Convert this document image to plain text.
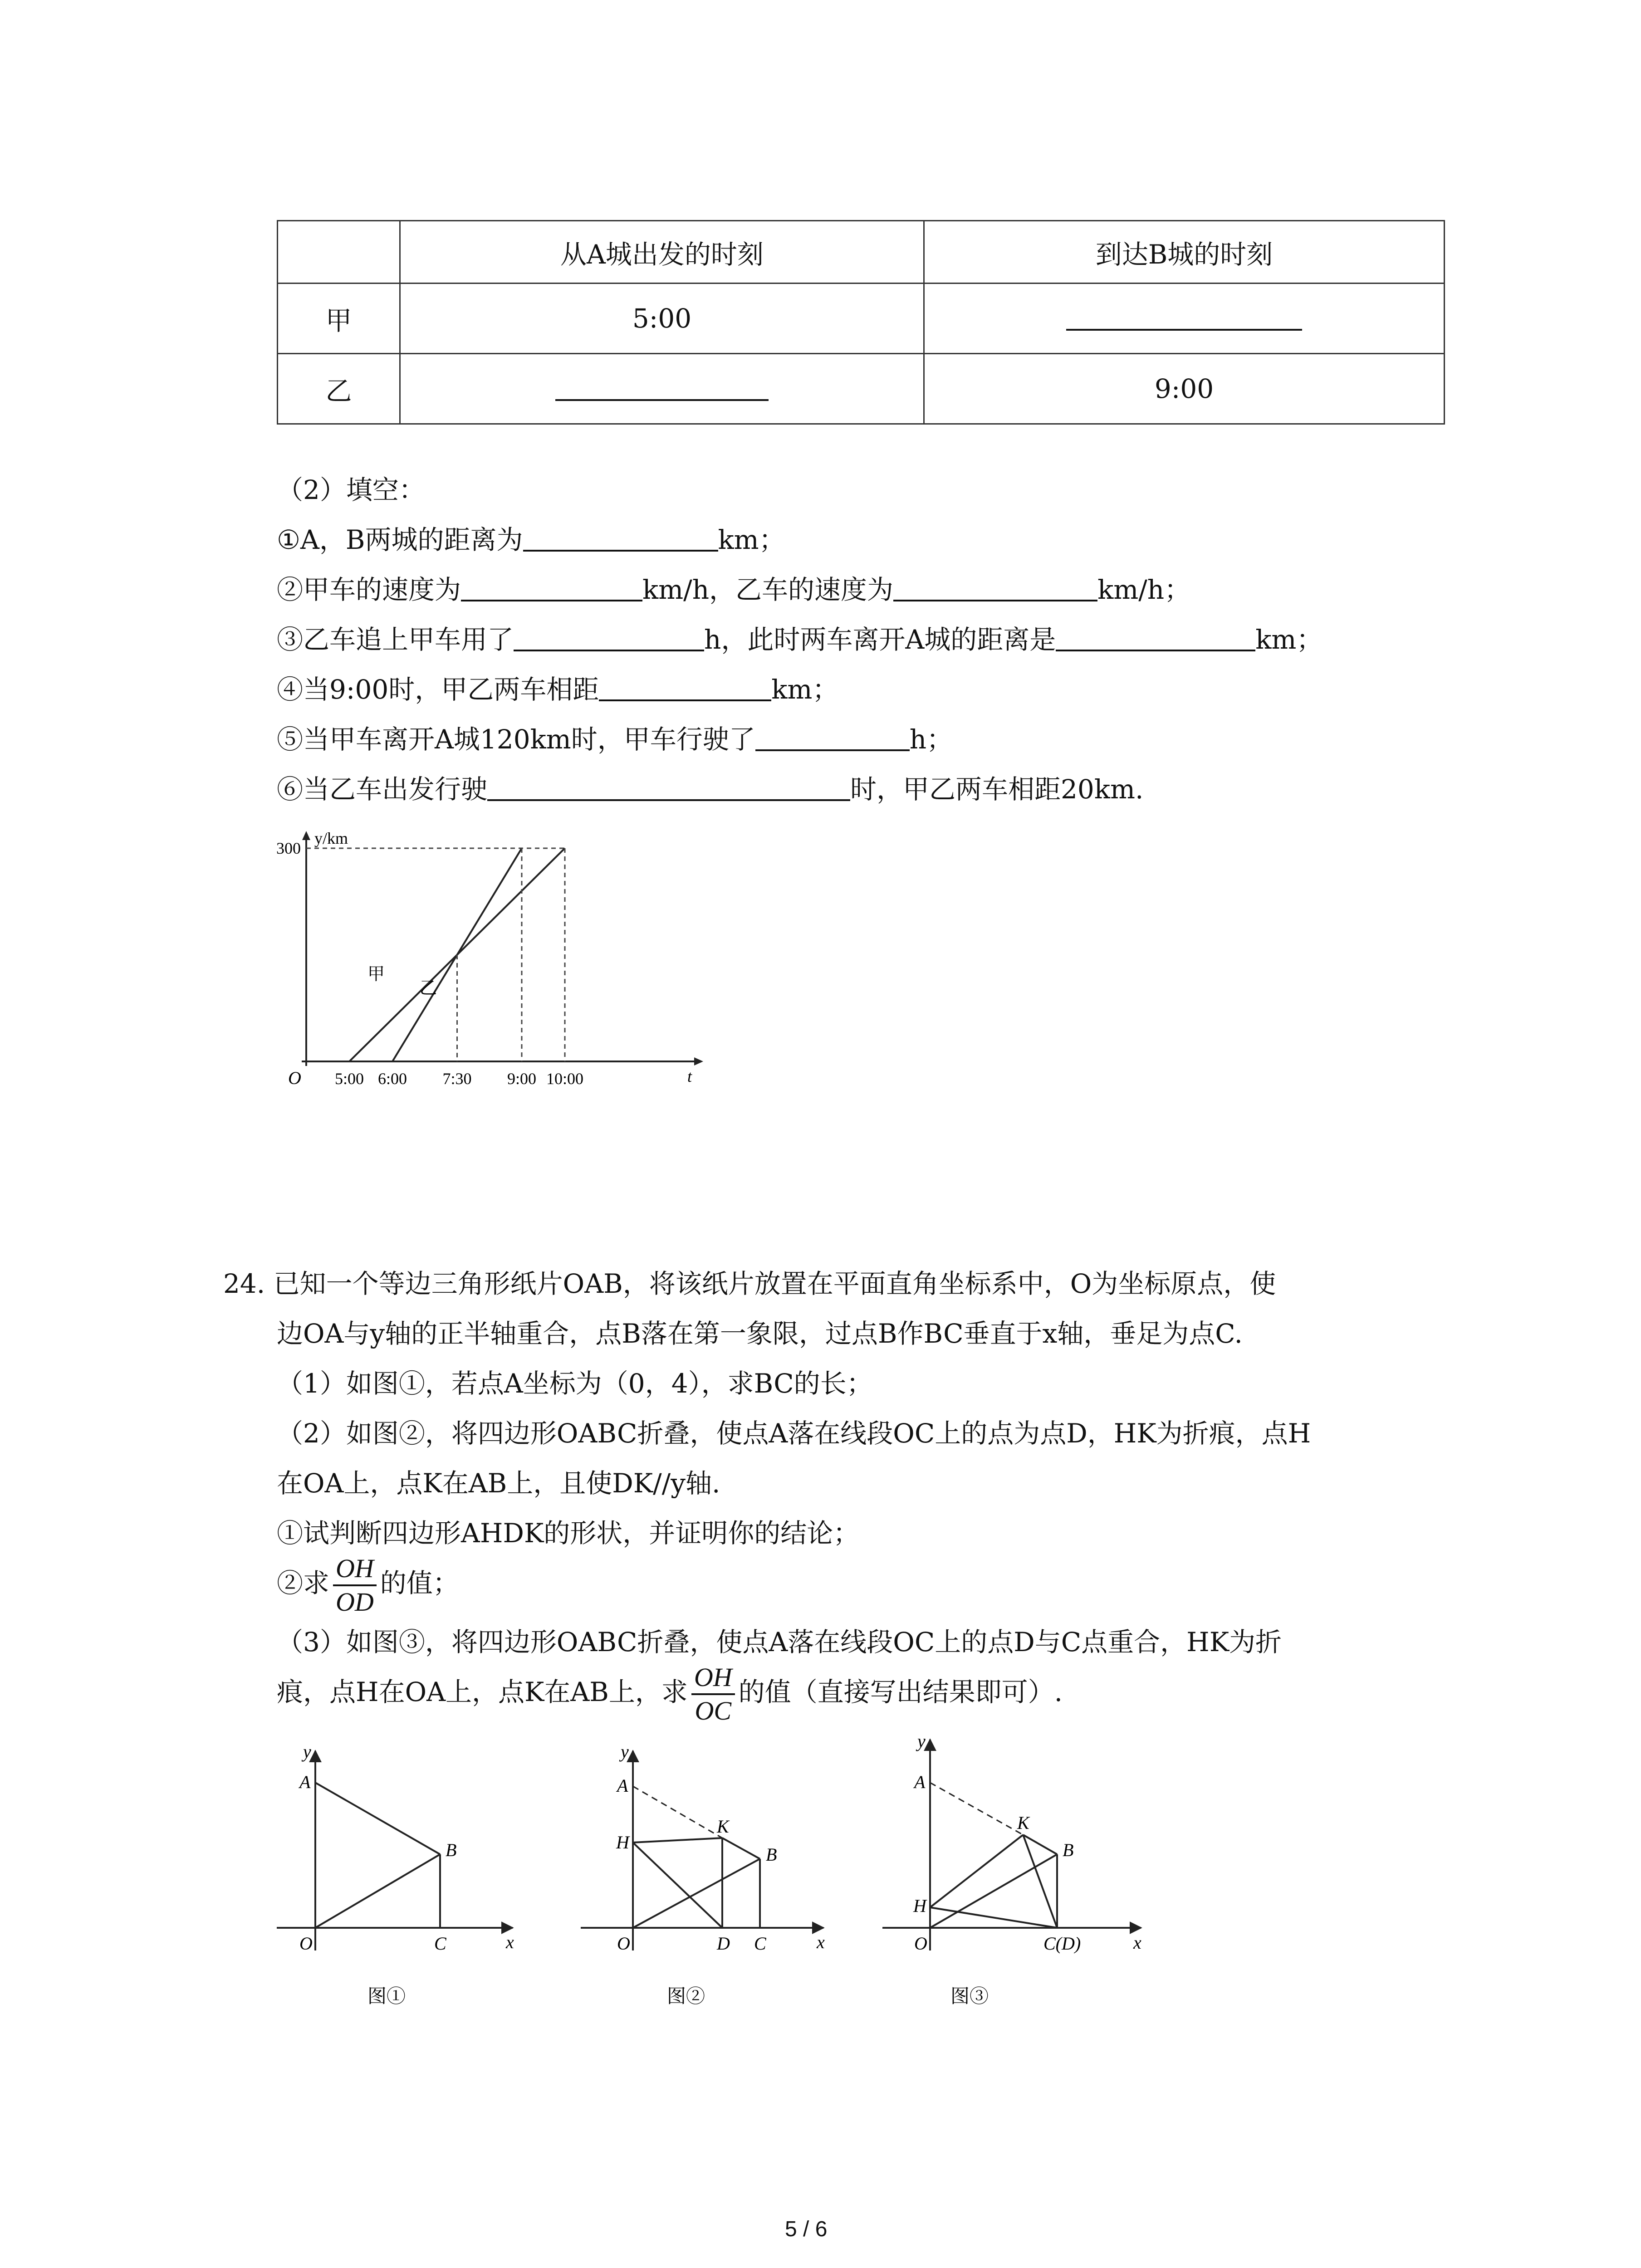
	从A城出发的时刻	到达B城的时刻
甲	5:00	
乙		9:00
（2）填空：
①A，B两城的距离为	km；
②甲车的速度为	km/h，乙车的速度为	km/h；
③乙车追上甲车用了	h，此时两车离开A城的距离是	km；
④当9:00时，甲乙两车相距	km；
⑤当甲车离开A城120km时，甲车行驶了	h；
⑥当乙车出发行驶	时，甲乙两车相距20km.
5:00 6:00 7:30 9:00 10:00
300
y/km
t
O
甲
乙
24. 已知一个等边三角形纸片OAB，将该纸片放置在平面直角坐标系中，O为坐标原点，使
边OA与y轴的正半轴重合，点B落在第一象限，过点B作BC垂直于x轴，垂足为点C.
（1）如图①，若点A坐标为（0，4），求BC的长；
（2）如图②，将四边形OABC折叠，使点A落在线段OC上的点为点D，HK为折痕，点H
在OA上，点K在AB上，且使DK//y轴.
①试判断四边形AHDK的形状，并证明你的结论；
②求 $\frac{OH}{OD}$ 的值；
（3）如图③，将四边形OABC折叠，使点A落在线段OC上的点D与C点重合，HK为折
痕，点H在OA上，点K在AB上，求 $\frac{OH}{OC}$ 的值（直接写出结果即可）.
y
x
O
A
B
C
图①
y
x
O
A
H
K
B
D C
图②
y
x
O
A
H
K
B
C(D)
图③
5 / 6
